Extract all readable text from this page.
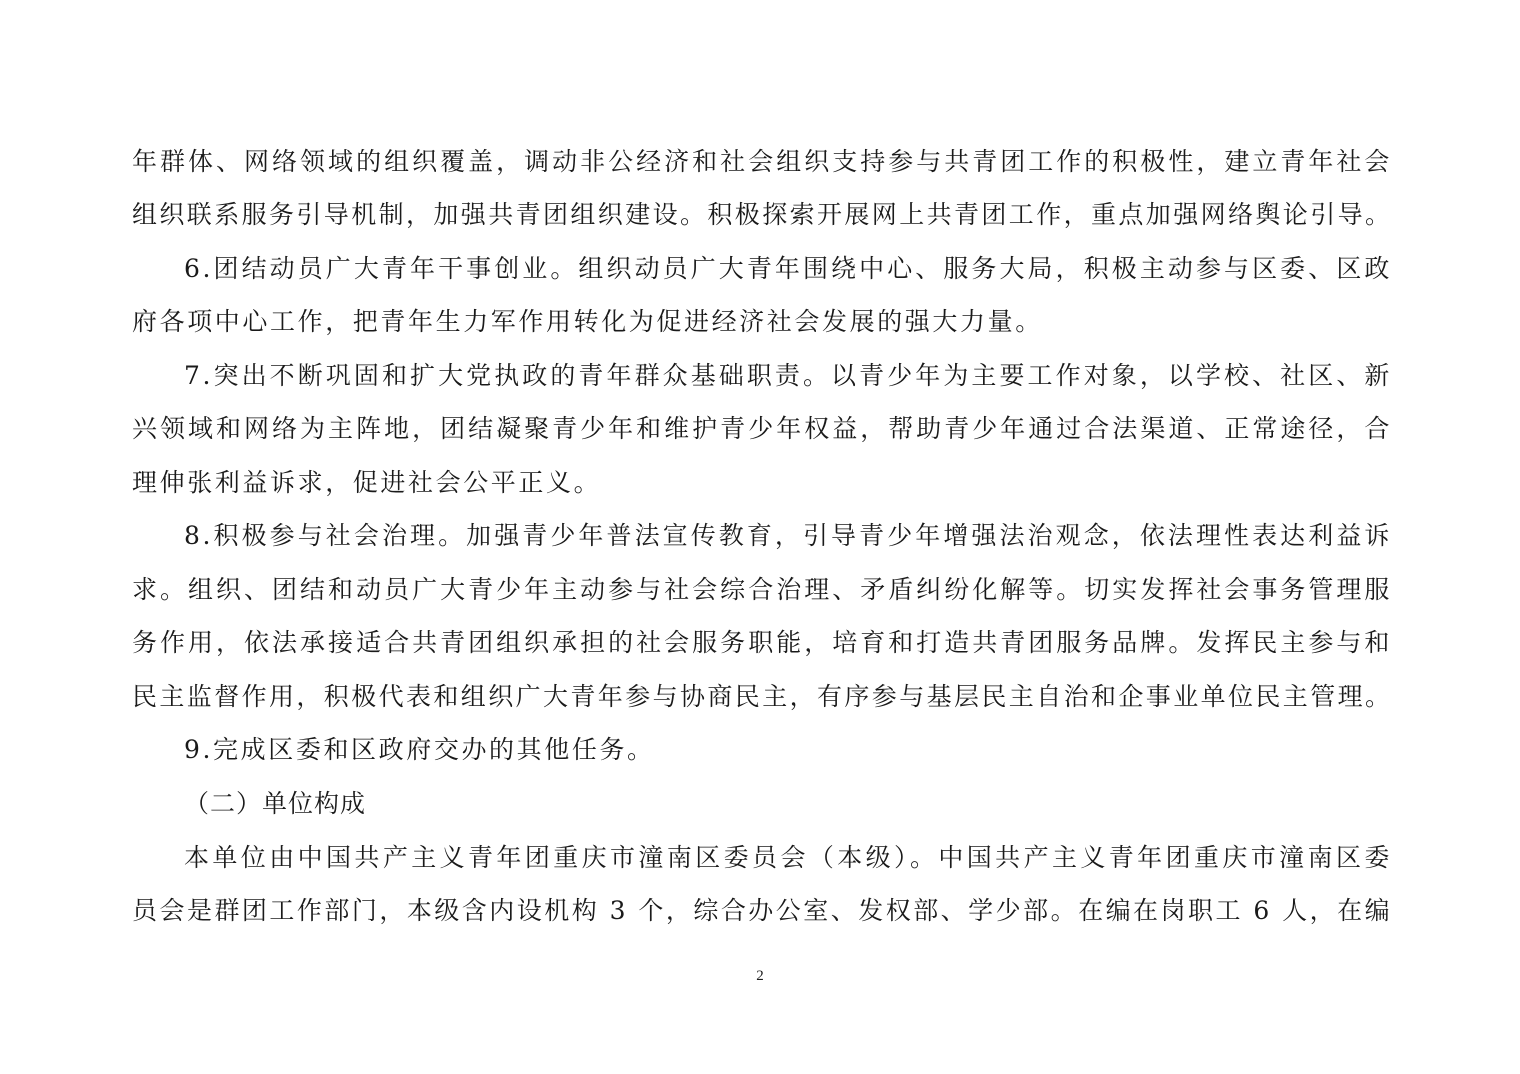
年群体、网络领域的组织覆盖，调动非公经济和社会组织支持参与共青团工作的积极性，建立青年社会
组织联系服务引导机制，加强共青团组织建设。积极探索开展网上共青团工作，重点加强网络舆论引导。
6.团结动员广大青年干事创业。组织动员广大青年围绕中心、服务大局，积极主动参与区委、区政
府各项中心工作，把青年生力军作用转化为促进经济社会发展的强大力量。
7.突出不断巩固和扩大党执政的青年群众基础职责。以青少年为主要工作对象，以学校、社区、新
兴领域和网络为主阵地，团结凝聚青少年和维护青少年权益，帮助青少年通过合法渠道、正常途径，合
理伸张利益诉求，促进社会公平正义。
8.积极参与社会治理。加强青少年普法宣传教育，引导青少年增强法治观念，依法理性表达利益诉
求。组织、团结和动员广大青少年主动参与社会综合治理、矛盾纠纷化解等。切实发挥社会事务管理服
务作用，依法承接适合共青团组织承担的社会服务职能，培育和打造共青团服务品牌。发挥民主参与和
民主监督作用，积极代表和组织广大青年参与协商民主，有序参与基层民主自治和企事业单位民主管理。
9.完成区委和区政府交办的其他任务。
（二）单位构成
本单位由中国共产主义青年团重庆市潼南区委员会（本级）。中国共产主义青年团重庆市潼南区委
员会是群团工作部门，本级含内设机构 3 个，综合办公室、发权部、学少部。在编在岗职工 6 人，在编
2
